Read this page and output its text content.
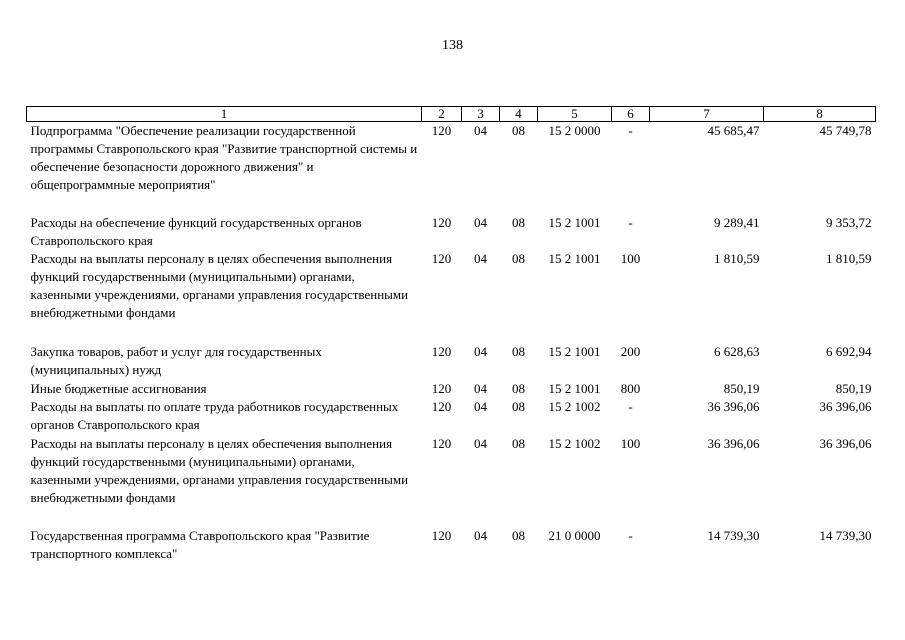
138
1	2	3	4	5	6	7	8
Подпрограмма "Обеспечение реализации государственной программы Ставропольского края "Развитие транспортной системы и обеспечение безопасности дорожного движения" и общепрограммные мероприятия"	120	04	08	15 2 0000	-	45 685,47	45 749,78
Расходы на обеспечение функций государственных органов Ставропольского края	120	04	08	15 2 1001	-	9 289,41	9 353,72
Расходы на выплаты персоналу в целях обеспечения выполнения функций государственными (муниципальными) органами, казенными учреждениями, органами управления государственными внебюджетными фондами	120	04	08	15 2 1001	100	1 810,59	1 810,59
Закупка товаров, работ и услуг для государственных (муниципальных) нужд	120	04	08	15 2 1001	200	6 628,63	6 692,94
Иные бюджетные ассигнования	120	04	08	15 2 1001	800	850,19	850,19
Расходы на выплаты по оплате труда работников государственных органов Ставропольского края	120	04	08	15 2 1002	-	36 396,06	36 396,06
Расходы на выплаты персоналу в целях обеспечения выполнения функций государственными (муниципальными) органами, казенными учреждениями, органами управления государственными внебюджетными фондами	120	04	08	15 2 1002	100	36 396,06	36 396,06
Государственная программа Ставропольского края "Развитие транспортного комплекса"	120	04	08	21 0 0000	-	14 739,30	14 739,30
